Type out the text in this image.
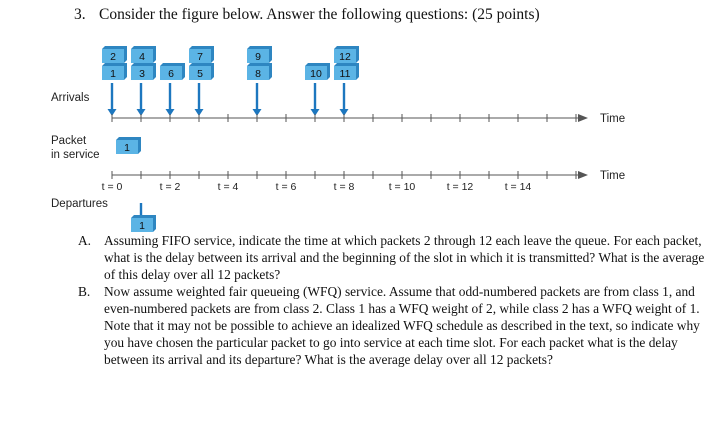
3. Consider the figure below. Answer the following questions: (25 points)
1
2
3
4
6 5
7
8
9
10 11
12
1
1
Time
Time
t = 0	t = 2	t = 4	t = 6	t = 8	t = 10	t = 12	t = 14
Arrivals
Packet
in service
Departures
A. Assuming FIFO service, indicate the time at which packets 2 through 12 each leave the queue. For each packet, what is the delay between its arrival and the beginning of the slot in which it is transmitted? What is the average of this delay over all 12 packets?
B.	Now assume weighted fair queueing (WFQ) service. Assume that odd-numbered packets are from class 1, and even-numbered packets are from class 2. Class 1 has a WFQ weight of 2, while class 2 has a WFQ weight of 1. Note that it may not be possible to achieve an idealized WFQ schedule as described in the text, so indicate why you have chosen the particular packet to go into service at each time slot. For each packet what is the delay between its arrival and its departure? What is the average delay over all 12 packets?
